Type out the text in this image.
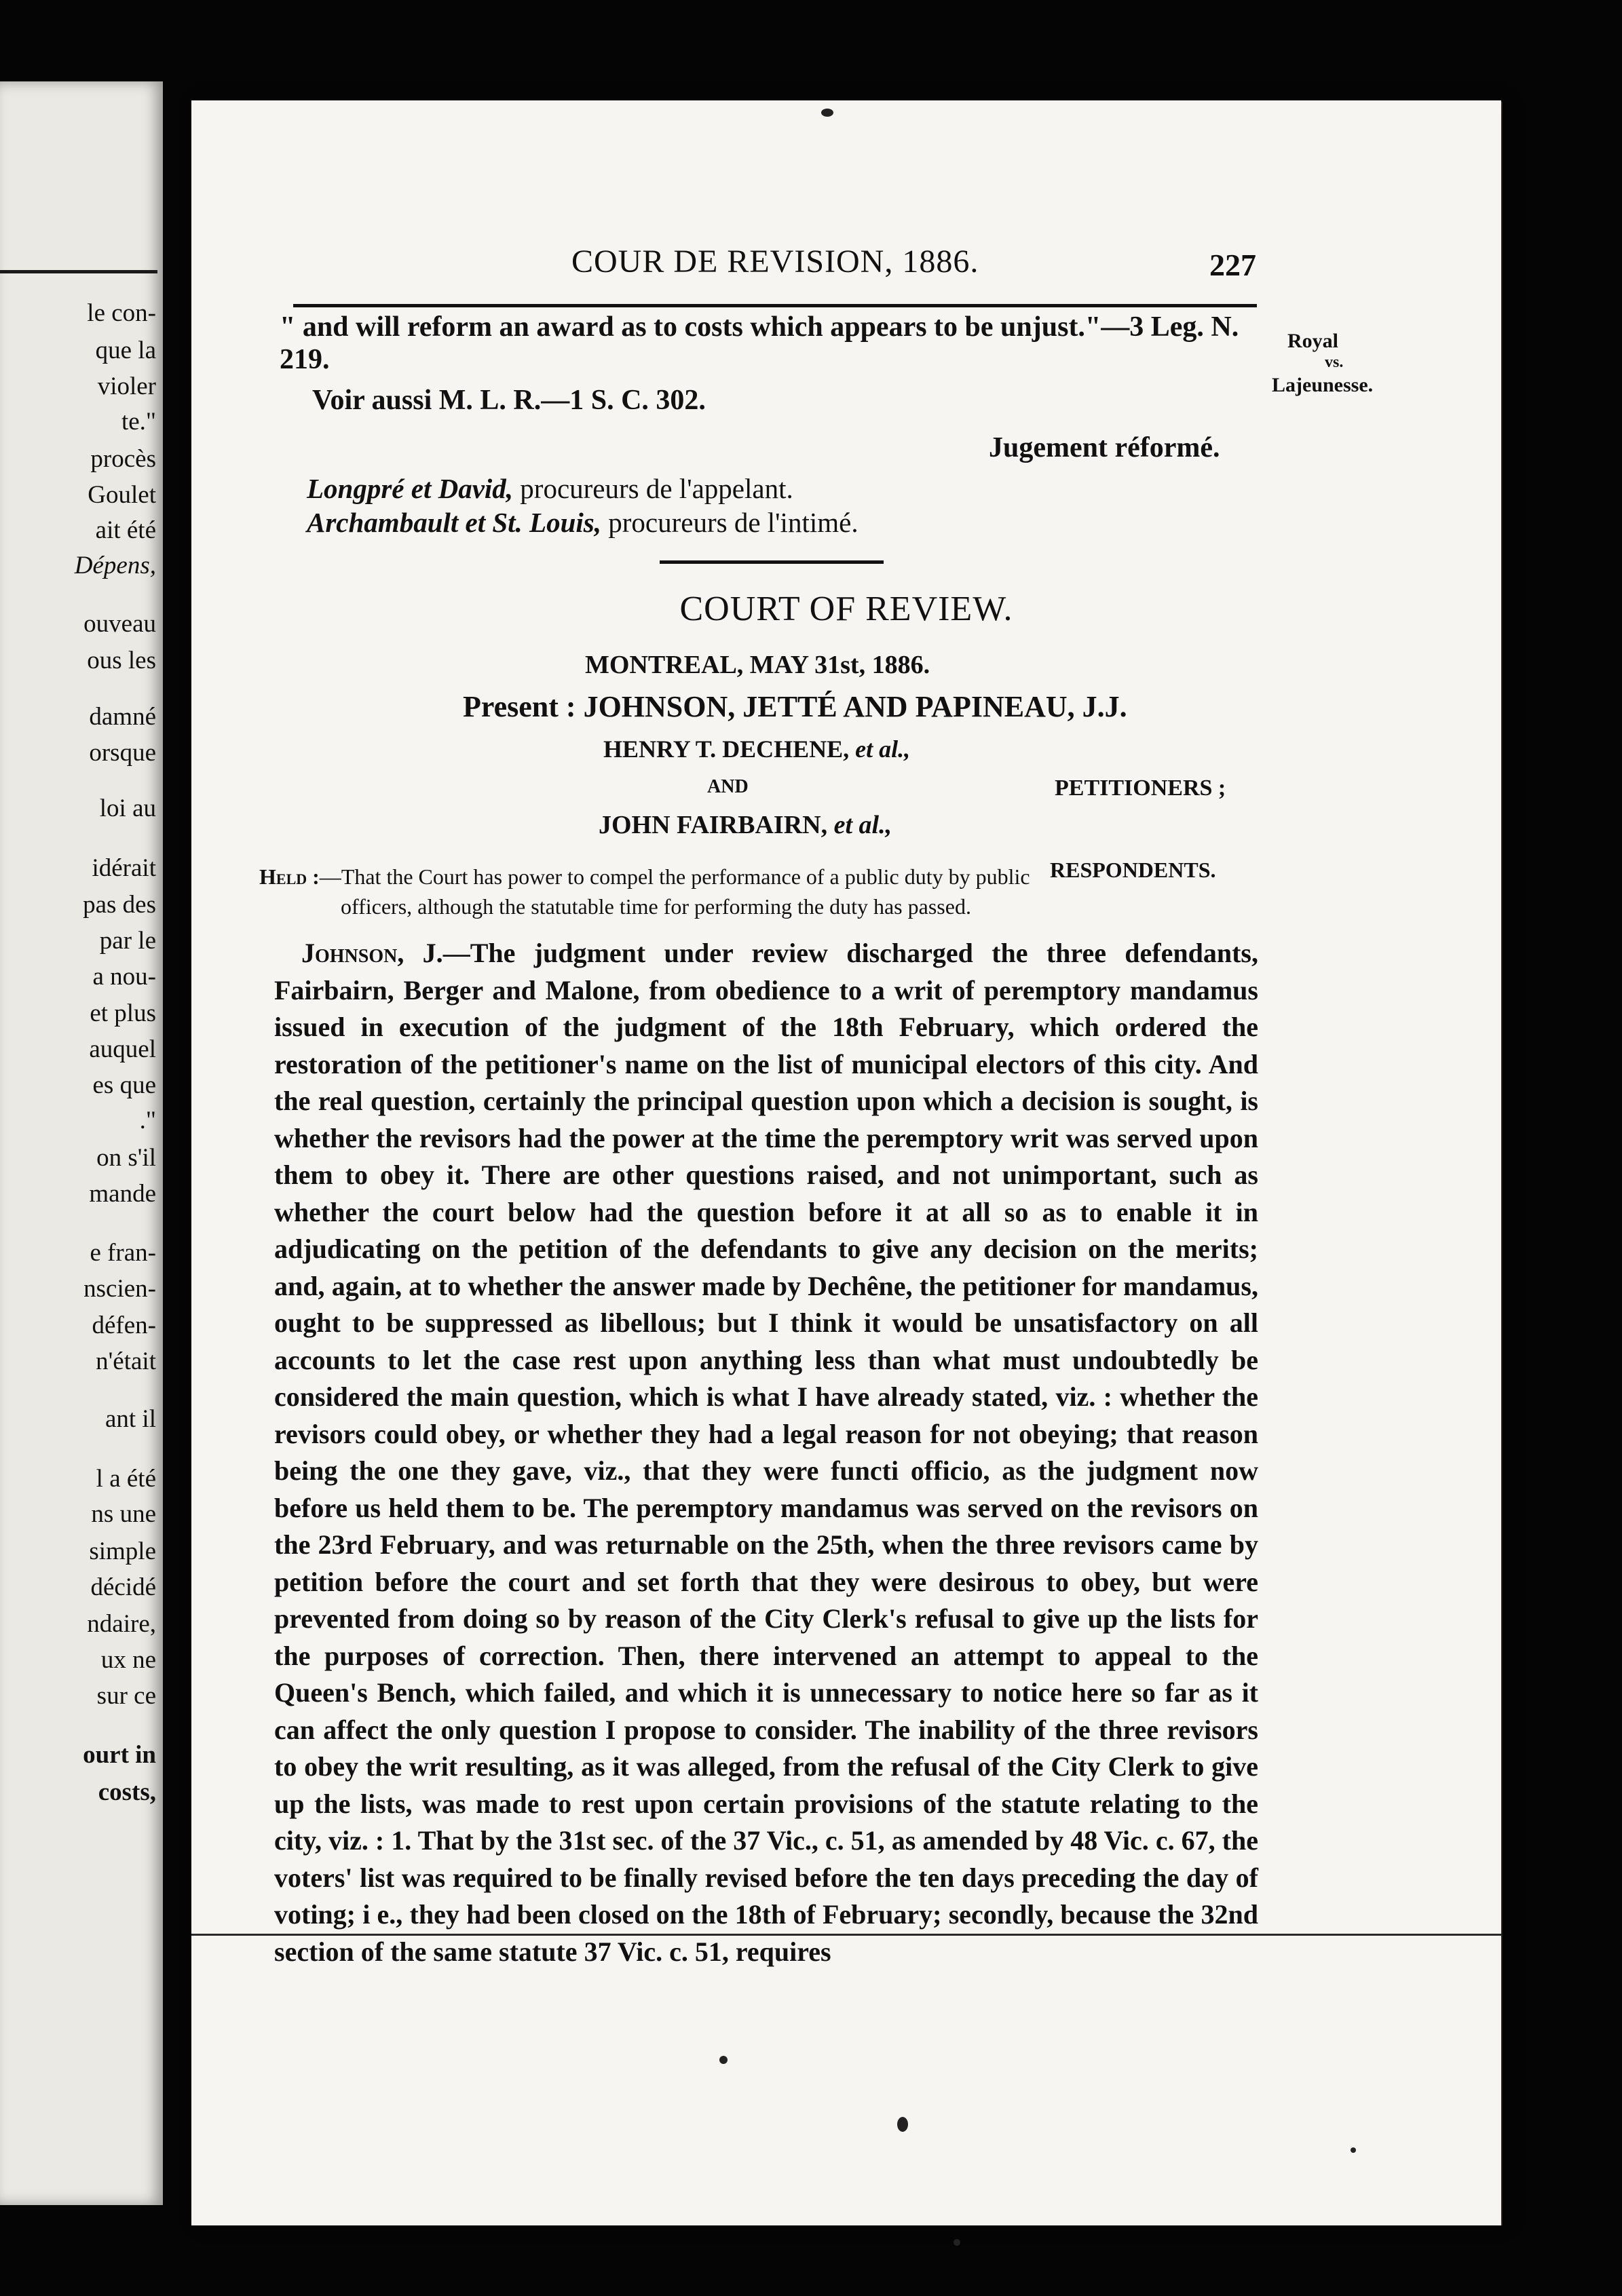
le con-
que la
violer
te."
procès
Goulet
ait été
Dépens,
ouveau
ous les
damné
orsque
loi au
idérait
pas des
par le
a nou-
et plus
auquel
es que
."
on s'il
mande
e fran-
nscien-
défen-
n'était
ant il
l a été
ns une
simple
décidé
ndaire,
ux ne
sur ce
ourt in
costs,
COUR DE REVISION, 1886.	227
Royal
vs.
Lajeunesse.
" and will reform an award as to costs which appears to be unjust."—3 Leg. N.
219.
Voir aussi M. L. R.—1 S. C. 302.
Jugement réformé.
Longpré et David, procureurs de l'appelant.
Archambault et St. Louis, procureurs de l'intimé.
COURT OF REVIEW.
MONTREAL, MAY 31st, 1886.
Present : JOHNSON, JETTÉ AND PAPINEAU, J.J.
HENRY T. DECHENE, et al.,
PETITIONERS ;
AND
JOHN FAIRBAIRN, et al.,
RESPONDENTS.
Held :—That the Court has power to compel the performance of a public duty by public
officers, although the statutable time for performing the duty has passed.

Johnson, J.—The judgment under review discharged the three defendants, Fairbairn, Berger and Malone, from obedience to a writ of peremptory mandamus issued in execution of the judgment of the 18th February, which ordered the restoration of the petitioner's name on the list of municipal electors of this city. And the real question, certainly the principal question upon which a decision is sought, is whether the revisors had the power at the time the peremptory writ was served upon them to obey it. There are other questions raised, and not unimportant, such as whether the court below had the question before it at all so as to enable it in adjudicating on the petition of the defendants to give any decision on the merits; and, again, at to whether the answer made by Dechêne, the petitioner for mandamus, ought to be suppressed as libellous; but I think it would be unsatisfactory on all accounts to let the case rest upon anything less than what must undoubtedly be considered the main question, which is what I have already stated, viz. : whether the revisors could obey, or whether they had a legal reason for not obeying; that reason being the one they gave, viz., that they were functi officio, as the judgment now before us held them to be. The peremptory mandamus was served on the revisors on the 23rd February, and was returnable on the 25th, when the three revisors came by petition before the court and set forth that they were desirous to obey, but were prevented from doing so by reason of the City Clerk's refusal to give up the lists for the purposes of correction. Then, there intervened an attempt to appeal to the Queen's Bench, which failed, and which it is unnecessary to notice here so far as it can affect the only question I propose to consider. The inability of the three revisors to obey the writ resulting, as it was alleged, from the refusal of the City Clerk to give up the lists, was made to rest upon certain provisions of the statute relating to the city, viz. : 1. That by the 31st sec. of the 37 Vic., c. 51, as amended by 48 Vic. c. 67, the voters' list was required to be finally revised before the ten days preceding the day of voting; i e., they had been closed on the 18th of February; secondly, because the 32nd section of the same statute 37 Vic. c. 51, requires
